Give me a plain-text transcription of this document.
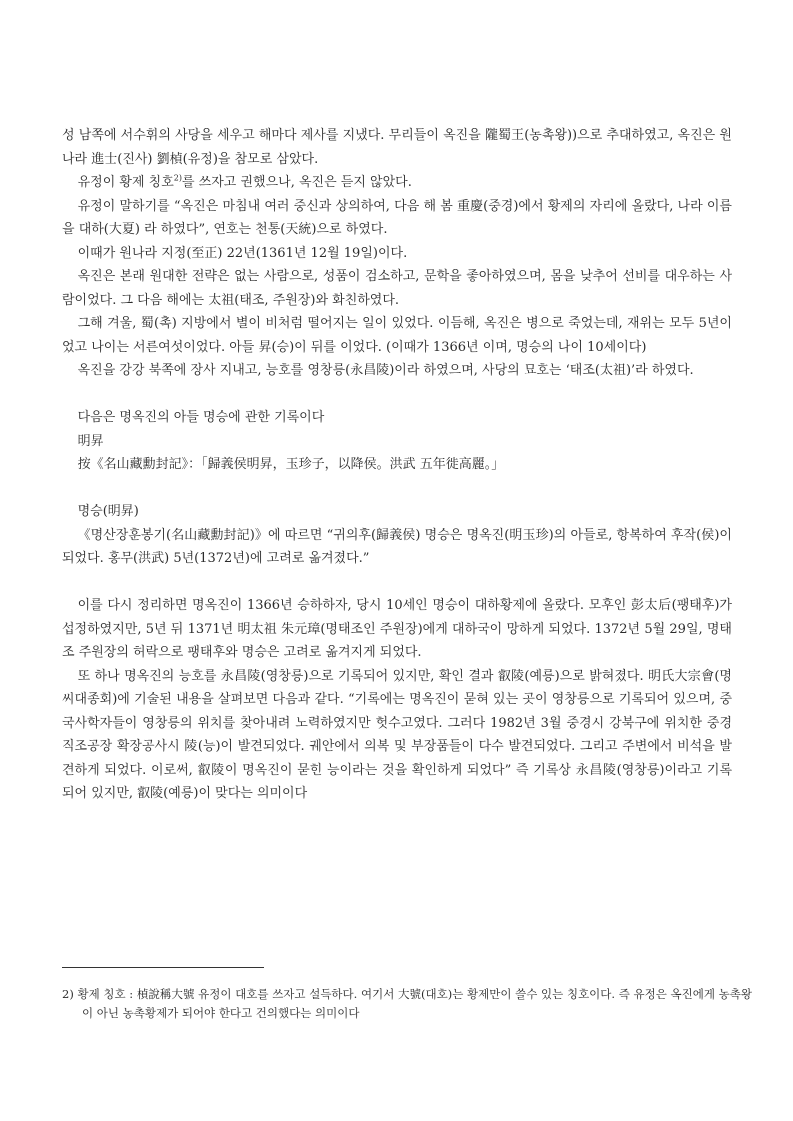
성 남쪽에 서수휘의 사당을 세우고 해마다 제사를 지냈다. 무리들이 옥진을 隴蜀王(농촉왕))으로 추대하였고, 옥진은 원나라 進士(진사) 劉楨(유정)을 참모로 삼았다.

유정이 황제 칭호$^{2)}$를 쓰자고 권했으나, 옥진은 듣지 않았다.

유정이 말하기를 “옥진은 마침내 여러 중신과 상의하여, 다음 해 봄 重慶(중경)에서 황제의 자리에 올랐다, 나라 이름을 대하(大夏) 라 하였다”, 연호는 천통(天統)으로 하였다.

이때가 원나라 지정(至正) 22년(1361년 12월 19일)이다.

옥진은 본래 원대한 전략은 없는 사람으로, 성품이 검소하고, 문학을 좋아하였으며, 몸을 낮추어 선비를 대우하는 사람이었다. 그 다음 해에는 太祖(태조, 주원장)와 화친하였다.

그해 겨울, 蜀(촉) 지방에서 별이 비처럼 떨어지는 일이 있었다. 이듬해, 옥진은 병으로 죽었는데, 재위는 모두 5년이었고 나이는 서른여섯이었다. 아들 昇(승)이 뒤를 이었다. (이때가 1366년 이며, 명승의 나이 10세이다)

옥진을 강강 북쪽에 장사 지내고, 능호를 영창릉(永昌陵)이라 하였으며, 사당의 묘호는 ‘태조(太祖)’라 하였다.

다음은 명옥진의 아들 명승에 관한 기록이다

明昇

按《名山藏勳封記》：「歸義侯明昇，玉珍子，以降侯。洪武 五年徙高麗。」

명승(明昇)

《명산장훈봉기(名山藏勳封記)》에 따르면 “귀의후(歸義侯) 명승은 명옥진(明玉珍)의 아들로, 항복하여 후작(侯)이 되었다. 홍무(洪武) 5년(1372년)에 고려로 옮겨졌다.”

이를 다시 정리하면 명옥진이 1366년 승하하자, 당시 10세인 명승이 대하황제에 올랐다. 모후인 彭太后(팽태후)가 섭정하였지만, 5년 뒤 1371년 明太祖 朱元璋(명태조인 주원장)에게 대하국이 망하게 되었다. 1372년 5월 29일, 명태조 주원장의 허락으로 팽태후와 명승은 고려로 옮겨지게 되었다.

또 하나 명옥진의 능호를 永昌陵(영창릉)으로 기록되어 있지만, 확인 결과 叡陵(예릉)으로 밝혀졌다. 明氏大宗會(명씨대종회)에 기술된 내용을 살펴보면 다음과 같다. “기록에는 명옥진이 묻혀 있는 곳이 영창릉으로 기록되어 있으며, 중국사학자들이 영창릉의 위치를 찾아내려 노력하였지만 헛수고였다. 그러다 1982년 3월 중경시 강북구에 위치한 중경직조공장 확장공사시 陵(능)이 발견되었다. 궤안에서 의복 및 부장품들이 다수 발견되었다. 그리고 주변에서 비석을 발견하게 되었다. 이로써, 叡陵이 명옥진이 묻힌 능이라는 것을 확인하게 되었다” 즉 기록상 永昌陵(영창릉)이라고 기록되어 있지만, 叡陵(예릉)이 맞다는 의미이다

2) 황제 칭호 : 楨說稱大號 유정이 대호를 쓰자고 설득하다. 여기서 大號(대호)는 황제만이 쓸수 있는 칭호이다. 즉 유정은 옥진에게 농촉왕이 아닌 농촉황제가 되어야 한다고 건의했다는 의미이다
